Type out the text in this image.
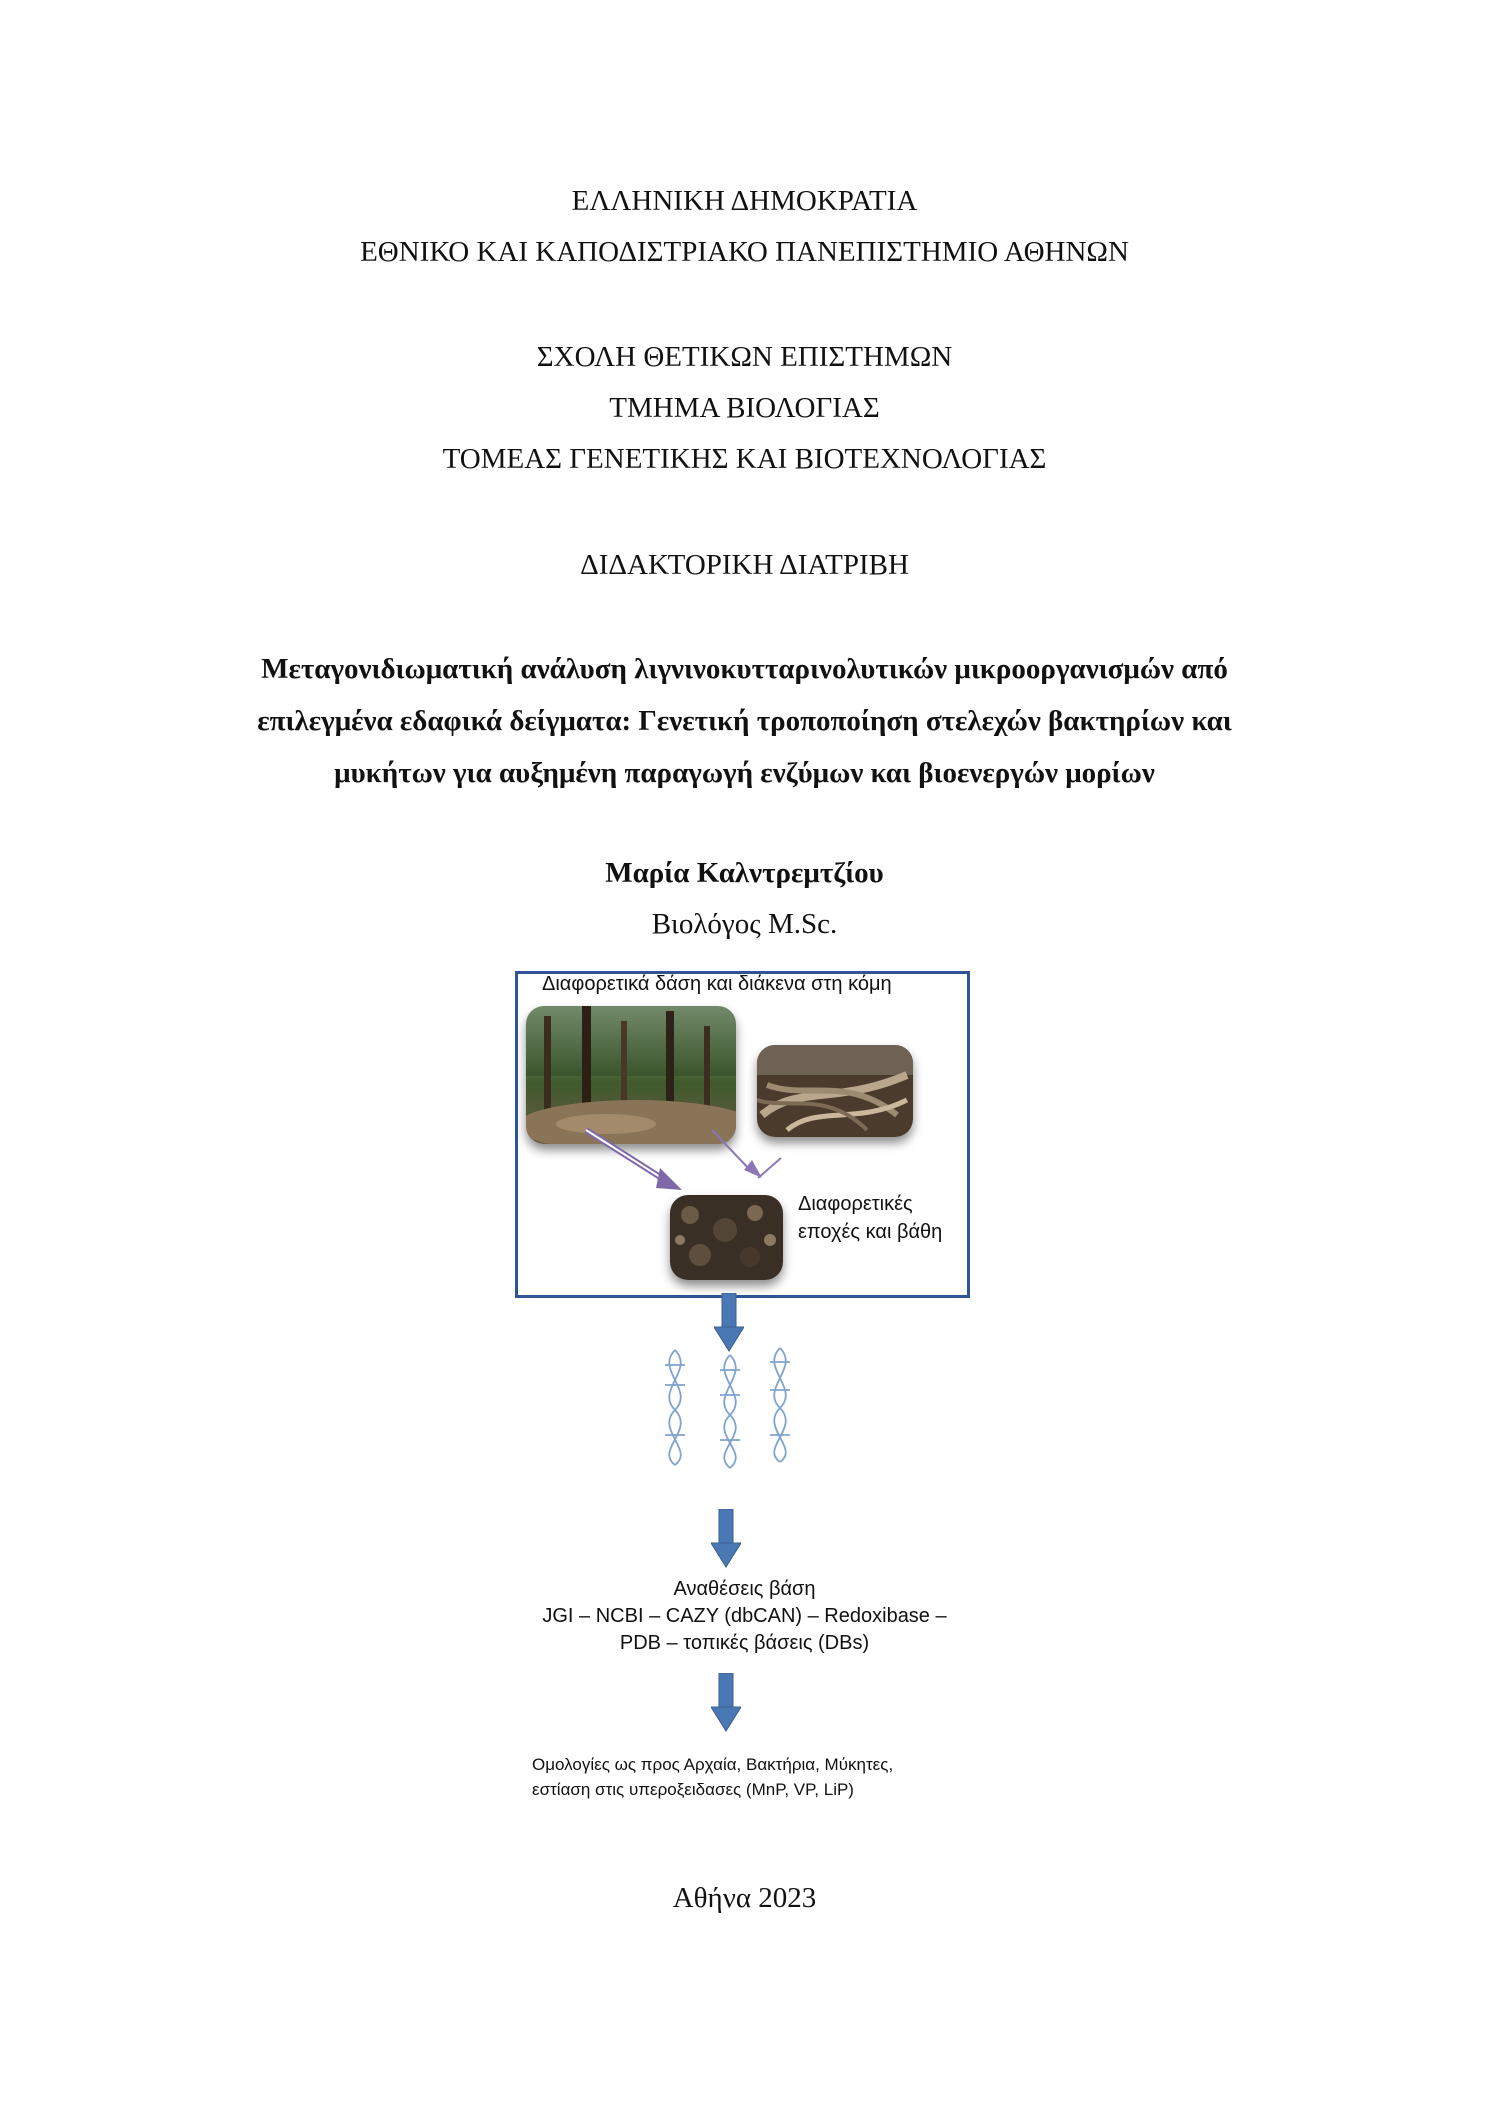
ΕΛΛΗΝΙΚΗ ΔΗΜΟΚΡΑΤΙΑ
ΕΘΝΙΚΟ ΚΑΙ ΚΑΠΟΔΙΣΤΡΙΑΚΟ ΠΑΝΕΠΙΣΤΗΜΙΟ ΑΘΗΝΩΝ
ΣΧΟΛΗ ΘΕΤΙΚΩΝ ΕΠΙΣΤΗΜΩΝ
ΤΜΗΜΑ ΒΙΟΛΟΓΙΑΣ
ΤΟΜΕΑΣ ΓΕΝΕΤΙΚΗΣ ΚΑΙ ΒΙΟΤΕΧΝΟΛΟΓΙΑΣ
ΔΙΔΑΚΤΟΡΙΚΗ ΔΙΑΤΡΙΒΗ
Μεταγονιδιωματική ανάλυση λιγνινοκυτταρινολυτικών μικροοργανισμών από
επιλεγμένα εδαφικά δείγματα: Γενετική τροποποίηση στελεχών βακτηρίων και
μυκήτων για αυξημένη παραγωγή ενζύμων και βιοενεργών μορίων
Μαρία Καλντρεμτζίου
Βιολόγος M.Sc.
Διαφορετικά δάση και διάκενα στη κόμη
Διαφορετικές
εποχές και βάθη
Αναθέσεις βάση
JGI – NCBI – CAZY (dbCAN) – Redoxibase –
PDB – τοπικές βάσεις (DBs)
Ομολογίες ως προς Αρχαία, Βακτήρια, Μύκητες,
εστίαση στις υπεροξειδασες (MnP, VP, LiP)
Αθήνα 2023
